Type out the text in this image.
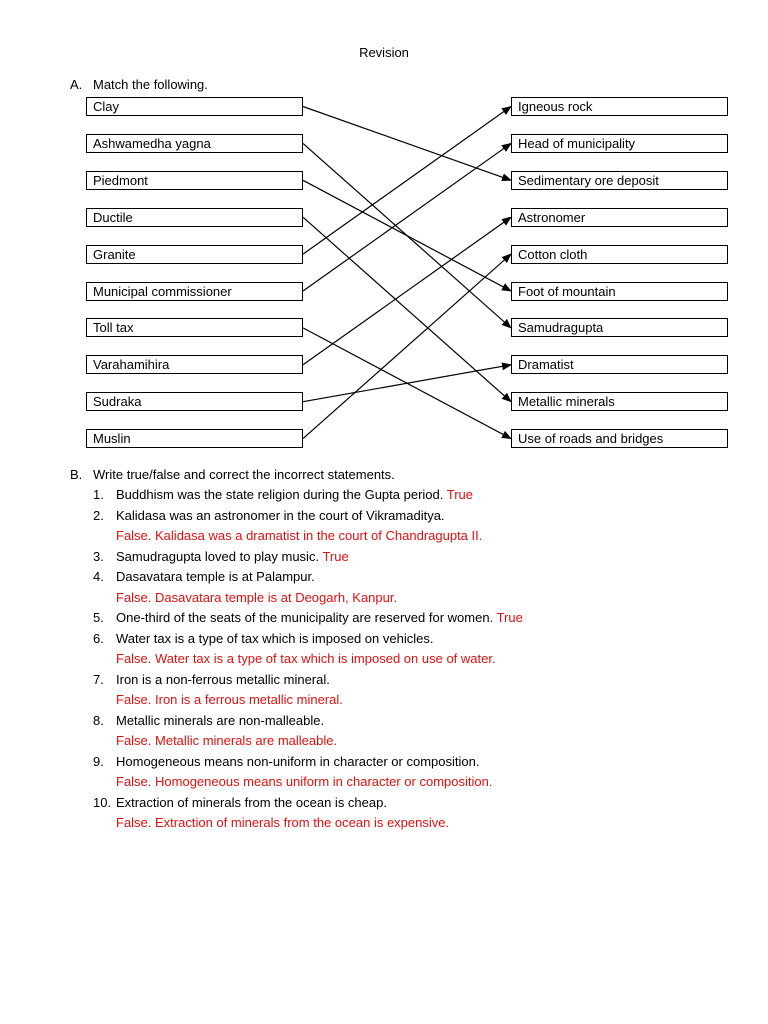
Revision
A. Match the following.
Clay
Ashwamedha yagna
Piedmont
Ductile
Granite
Municipal commissioner
Toll tax
Varahamihira
Sudraka
Muslin
Igneous rock
Head of municipality
Sedimentary ore deposit
Astronomer
Cotton cloth
Foot of mountain
Samudragupta
Dramatist
Metallic minerals
Use of roads and bridges
B. Write true/false and correct the incorrect statements.
1. Buddhism was the state religion during the Gupta period. True
2. Kalidasa was an astronomer in the court of Vikramaditya.
False. Kalidasa was a dramatist in the court of Chandragupta II.
3. Samudragupta loved to play music. True
4. Dasavatara temple is at Palampur.
False. Dasavatara temple is at Deogarh, Kanpur.
5. One-third of the seats of the municipality are reserved for women. True
6. Water tax is a type of tax which is imposed on vehicles.
False. Water tax is a type of tax which is imposed on use of water.
7. Iron is a non-ferrous metallic mineral.
False. Iron is a ferrous metallic mineral.
8. Metallic minerals are non-malleable.
False. Metallic minerals are malleable.
9. Homogeneous means non-uniform in character or composition.
False. Homogeneous means uniform in character or composition.
10. Extraction of minerals from the ocean is cheap.
False. Extraction of minerals from the ocean is expensive.
